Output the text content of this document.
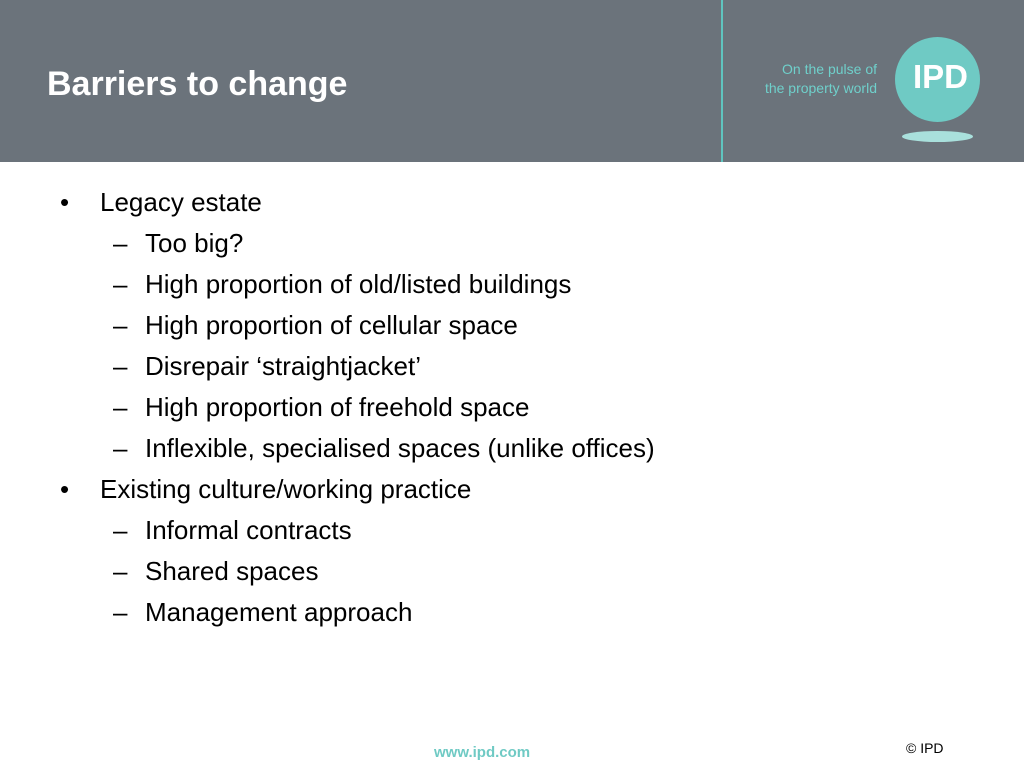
Barriers to change	On the pulse of
the property world IPD
• Legacy estate
– Too big?
– High proportion of old/listed buildings
– High proportion of cellular space
– Disrepair ‘straightjacket’
– High proportion of freehold space
– Inflexible, specialised spaces (unlike offices)
• Existing culture/working practice
– Informal contracts
– Shared spaces
– Management approach
www.ipd.com	© IPD
